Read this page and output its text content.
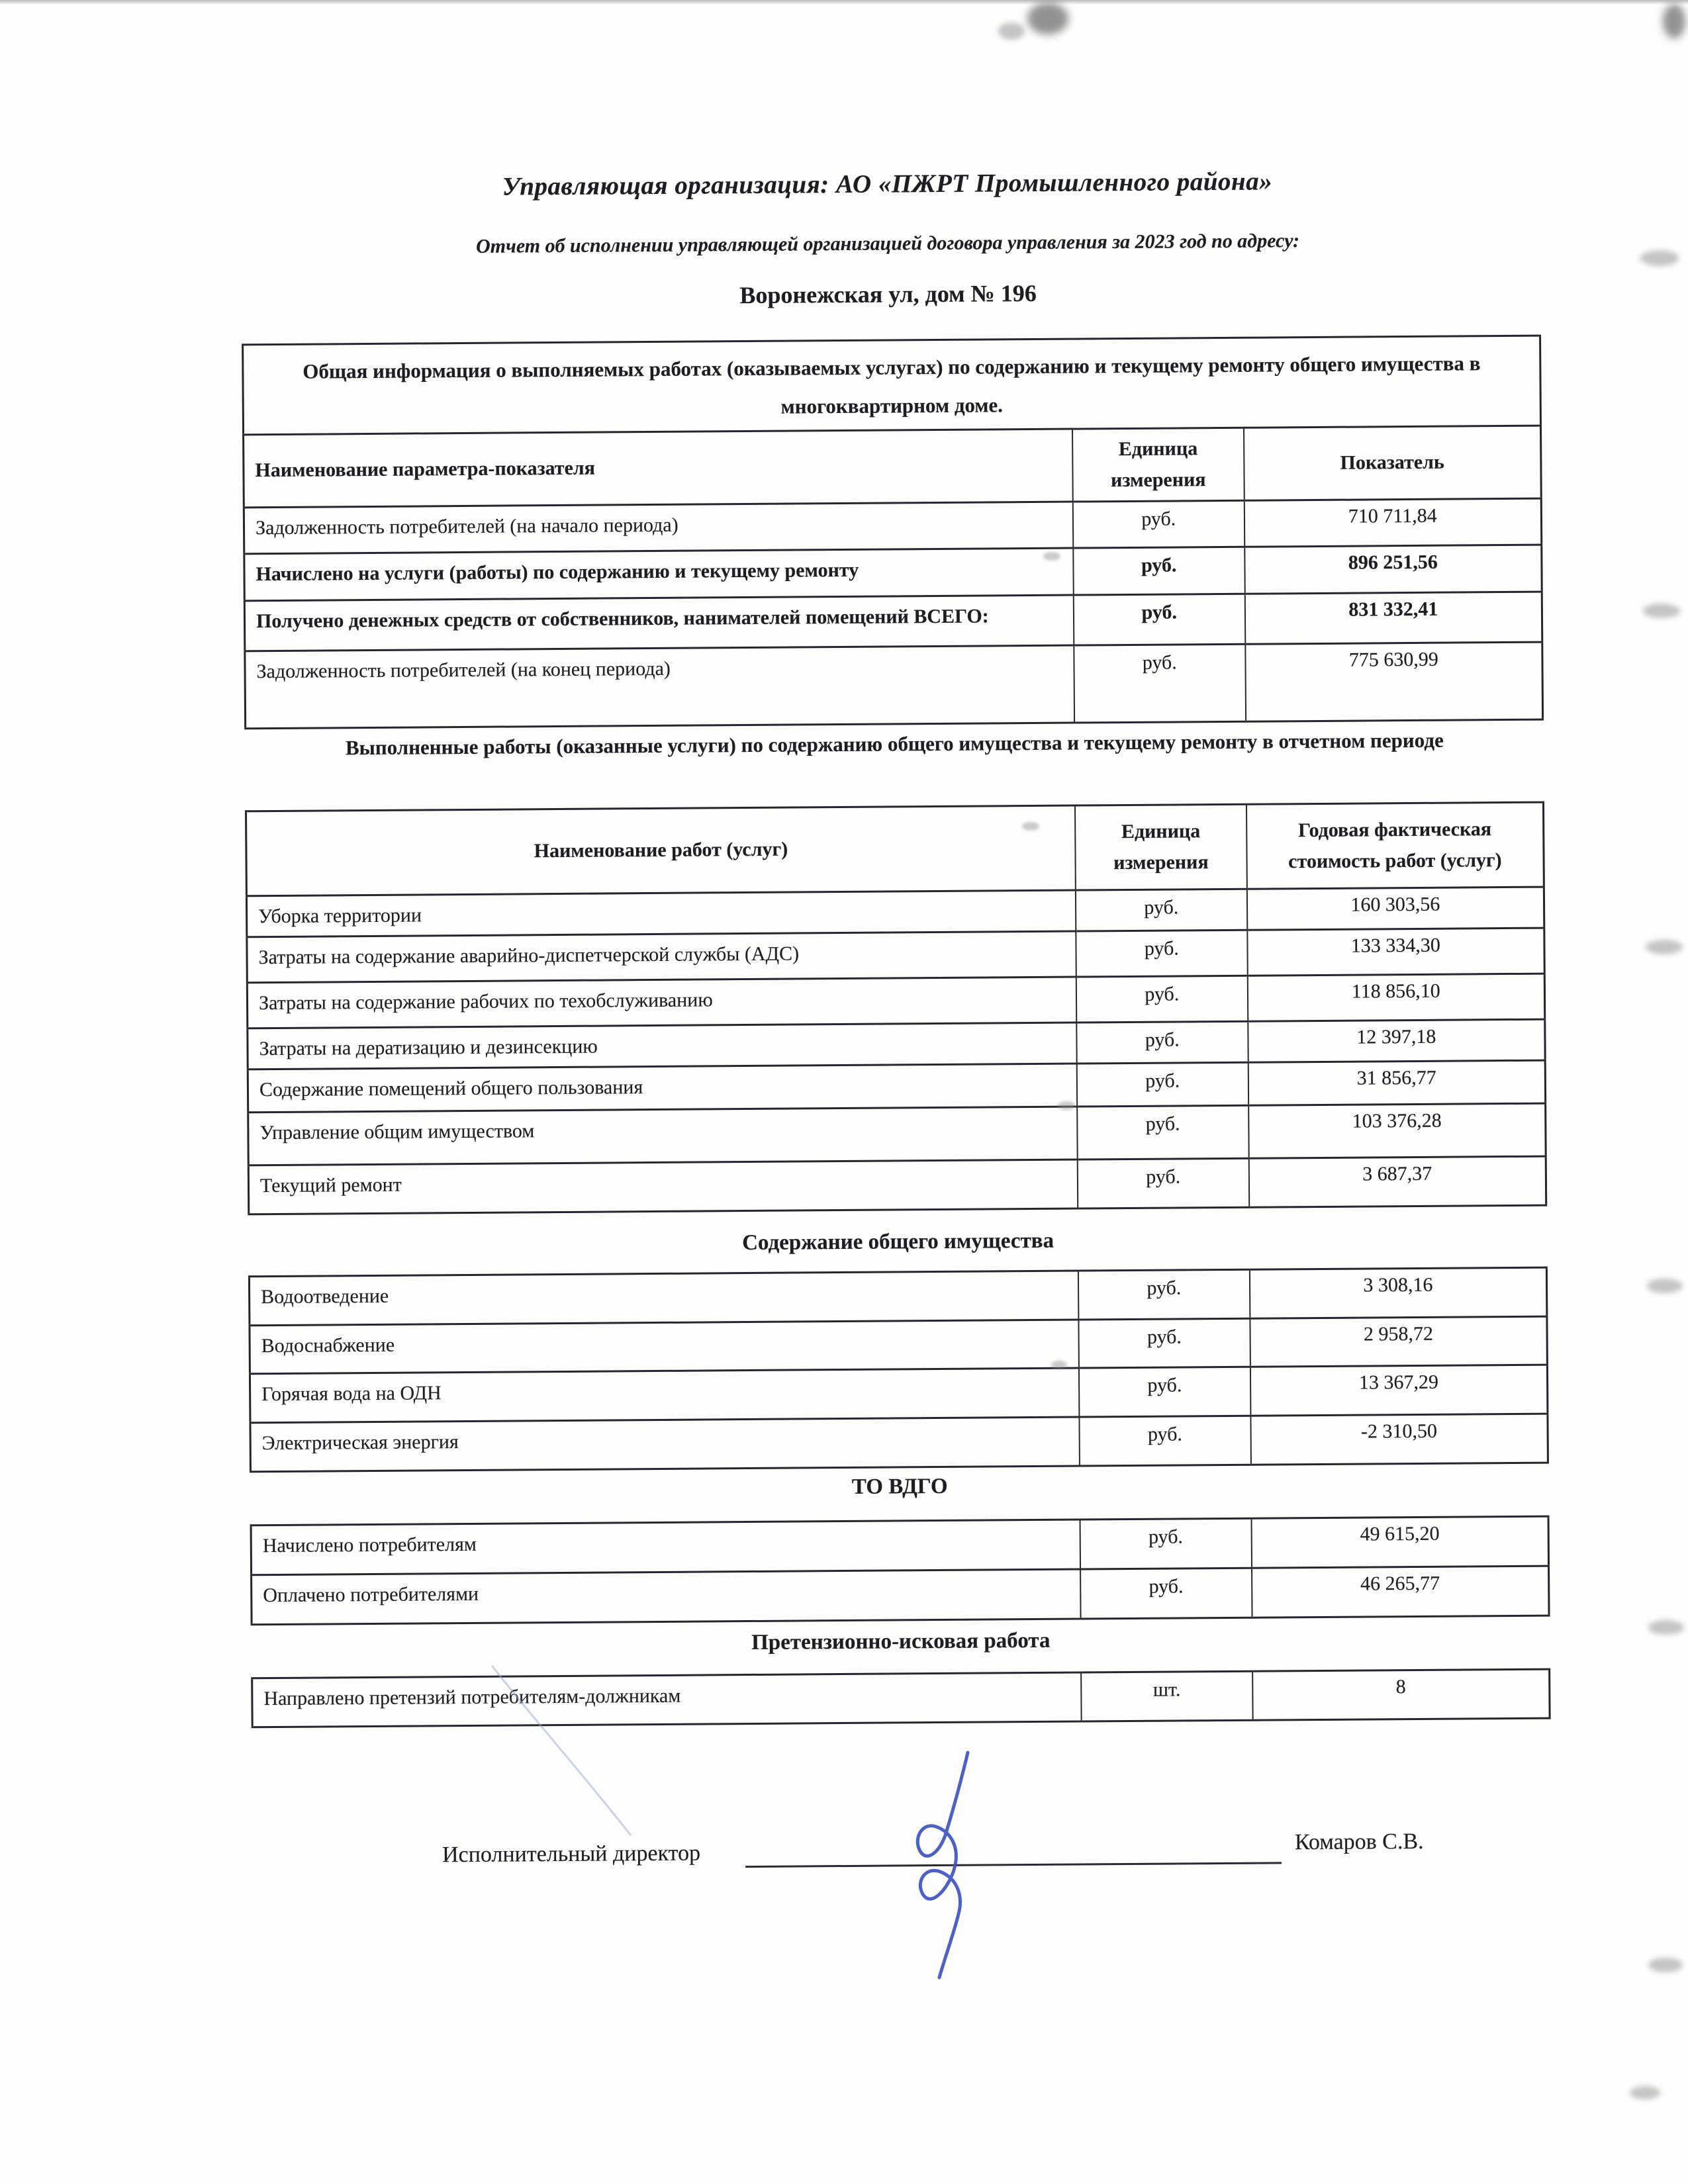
Управляющая организация: АО «ПЖРТ Промышленного района»
Отчет об исполнении управляющей организацией договора управления за 2023 год по адресу:
Воронежская ул, дом № 196
Общая информация о выполняемых работах (оказываемых услугах) по содержанию и текущему ремонту общего имущества в многоквартирном доме.		
Наименование параметра-показателя	Единица измерения	Показатель
Задолженность потребителей (на начало периода)	руб.	710 711,84
Начислено на услуги (работы) по содержанию и текущему ремонту	руб.	896 251,56
Получено денежных средств от собственников, нанимателей помещений ВСЕГО:	руб.	831 332,41
Задолженность потребителей (на конец периода)	руб.	775 630,99
Выполненные работы (оказанные услуги) по содержанию общего имущества и текущему ремонту в отчетном периоде
Наименование работ (услуг)	Единица измерения	Годовая фактическая стоимость работ (услуг)
Уборка территории	руб.	160 303,56
Затраты на содержание аварийно-диспетчерской службы (АДС)	руб.	133 334,30
Затраты на содержание рабочих по техобслуживанию	руб.	118 856,10
Затраты на дератизацию и дезинсекцию	руб.	12 397,18
Содержание помещений общего пользования	руб.	31 856,77
Управление общим имуществом	руб.	103 376,28
Текущий ремонт	руб.	3 687,37
Содержание общего имущества
Водоотведение	руб.	3 308,16
Водоснабжение	руб.	2 958,72
Горячая вода на ОДН	руб.	13 367,29
Электрическая энергия	руб.	-2 310,50
ТО ВДГО
Начислено потребителям	руб.	49 615,20
Оплачено потребителями	руб.	46 265,77
Претензионно-исковая работа
Направлено претензий потребителям-должникам	шт.	8
Исполнительный директор	Комаров С.В.
